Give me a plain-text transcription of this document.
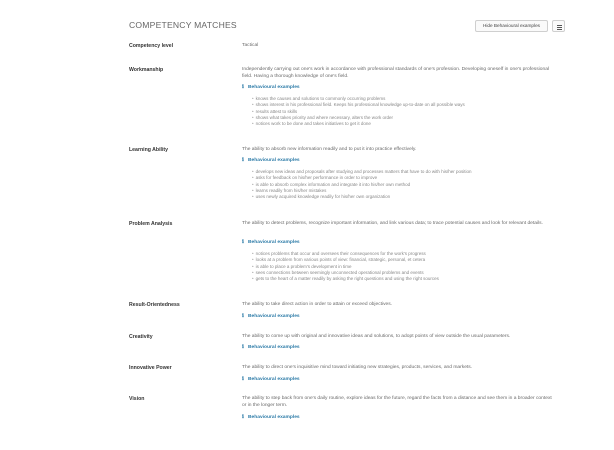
COMPETENCY MATCHES	Hide Behavioural examples
Competency level	Tactical
Workmanship	Independently carrying out one's work in accordance with professional standards of one's profession. Developing oneself in one's professional field. Having a thorough knowledge of one's field.
ℹ Behavioural examples
• knows the causes and solutions to commonly occurring problems
• shows interest in his professional field. Keeps his professional knowledge up-to-date on all possible ways
• results attest to skills
• shows what takes priority and where necessary, alters the work order
• notices work to be done and takes initiatives to get it done
Learning Ability	The ability to absorb new information readily and to put it into practice effectively.
ℹ Behavioural examples
• develops new ideas and proposals after studying and processes matters that have to do with his/her position
• asks for feedback on his/her performance in order to improve
• is able to absorb complex information and integrate it into his/her own method
• learns readily from his/her mistakes
• uses newly acquired knowledge readily for his/her own organization
Problem Analysis	The ability to detect problems, recognize important information, and link various data; to trace potential causes and look for relevant details.
ℹ Behavioural examples
• notices problems that occur and oversees their consequences for the work's progress
• looks at a problem from various points of view: financial, strategic, personal, et cetera
• is able to place a problem's development in time
• sees connections between seemingly unconnected operational problems and events
• gets to the heart of a matter readily by asking the right questions and using the right sources
Result-Orientedness	The ability to take direct action in order to attain or exceed objectives.
ℹ Behavioural examples
Creativity	The ability to come up with original and innovative ideas and solutions, to adopt points of view outside the usual parameters.
ℹ Behavioural examples
Innovative Power	The ability to direct one's inquisitive mind toward initiating new strategies, products, services, and markets.
ℹ Behavioural examples
Vision	The ability to step back from one's daily routine, explore ideas for the future, regard the facts from a distance and see them in a broader context or in the longer term.
ℹ Behavioural examples
